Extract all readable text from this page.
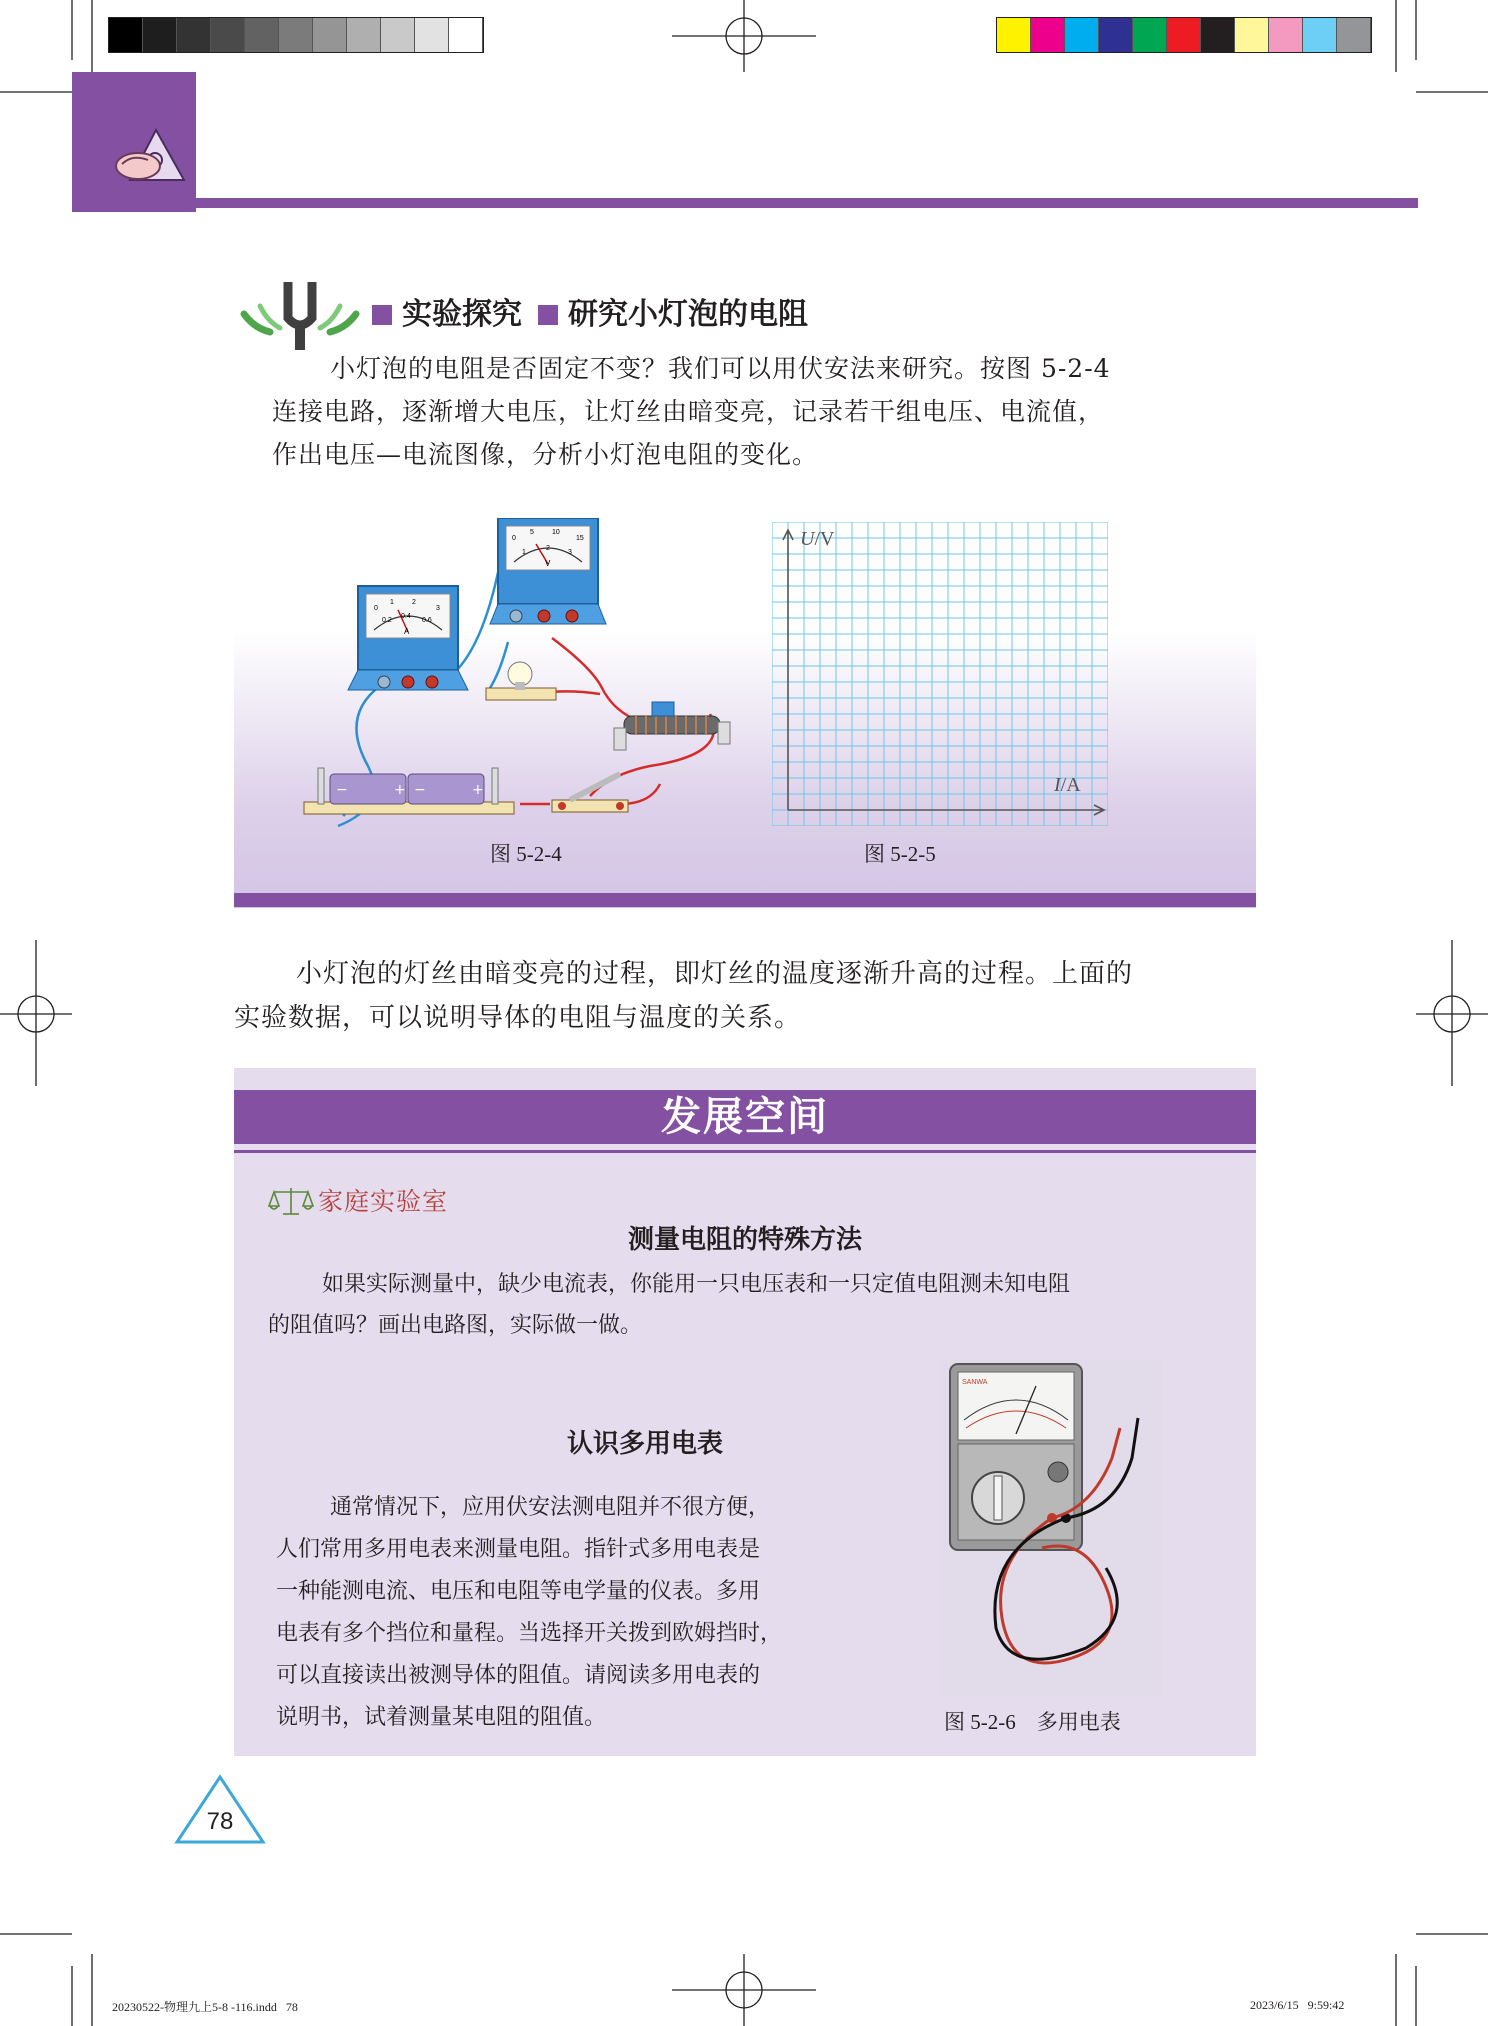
实验探究 研究小灯泡的电阻
小灯泡的电阻是否固定不变？我们可以用伏安法来研究。按图 5-2-4
连接电路，逐渐增大电压，让灯丝由暗变亮，记录若干组电压、电流值，
作出电压—电流图像，分析小灯泡电阻的变化。
0
1	2
3
0.2
0.4
0.6
A
0
5	10
15
1
2
3
V
−	+ −	+
U/V
I/A
图 5-2-4	图 5-2-5
小灯泡的灯丝由暗变亮的过程，即灯丝的温度逐渐升高的过程。上面的
实验数据，可以说明导体的电阻与温度的关系。
发展空间
家庭实验室
测量电阻的特殊方法
如果实际测量中，缺少电流表，你能用一只电压表和一只定值电阻测未知电阻
的阻值吗？画出电路图，实际做一做。
认识多用电表
通常情况下，应用伏安法测电阻并不很方便，
人们常用多用电表来测量电阻。指针式多用电表是
一种能测电流、电压和电阻等电学量的仪表。多用
电表有多个挡位和量程。当选择开关拨到欧姆挡时，
可以直接读出被测导体的阻值。请阅读多用电表的
说明书，试着测量某电阻的阻值。
SANWA
图 5-2-6　多用电表
78
20230522-物理九上5-8 -116.indd   78	2023/6/15   9:59:42
